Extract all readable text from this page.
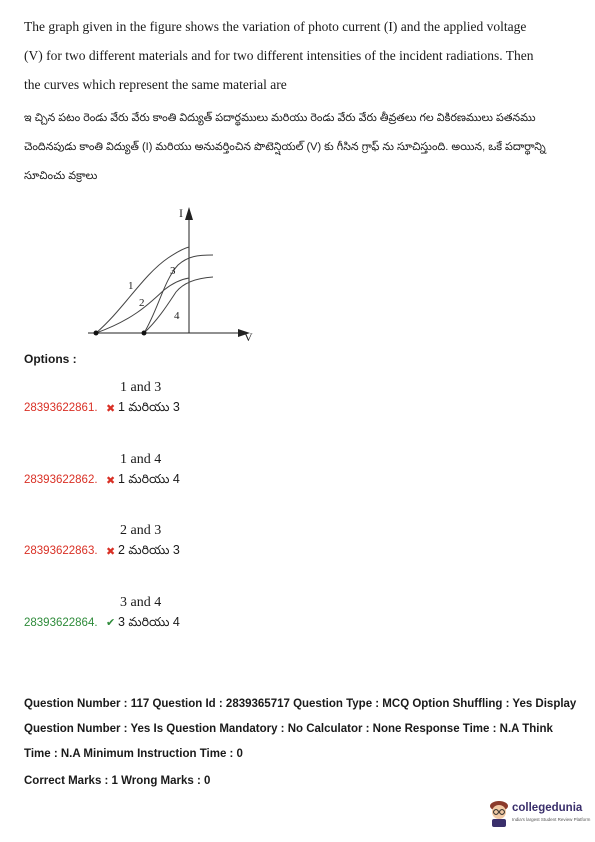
The graph given in the figure shows the variation of photo current (I) and the applied voltage (V) for two different materials and for two different intensities of the incident radiations. Then the curves which represent the same material are
ఇ చ్చిన పటం రెండు వేరు వేరు కాంతి విద్యుత్ పదార్థములు మరియు రెండు వేరు వేరు తీవ్రతలు గల వికిరణములు పతనము చెందినపుడు కాంతి విద్యుత్ (I) మరియు అనువర్తించిన పొటెన్షియల్ (V) కు గీసిన గ్రాఫ్ ను సూచిస్తుంది. అయిన, ఒకే పదార్థాన్ని సూచించు వక్రాలు
I
V
1
2
3
4
Options :
1 and 3
28393622861. ✖ 1 మరియు 3
1 and 4
28393622862. ✖ 1 మరియు 4
2 and 3
28393622863. ✖ 2 మరియు 3
3 and 4
28393622864. ✔ 3 మరియు 4
Question Number : 117 Question Id : 2839365717 Question Type : MCQ Option Shuffling : Yes Display Question Number : Yes Is Question Mandatory : No Calculator : None Response Time : N.A Think Time : N.A Minimum Instruction Time : 0
Correct Marks : 1 Wrong Marks : 0
collegedunia
India's largest Student Review Platform
